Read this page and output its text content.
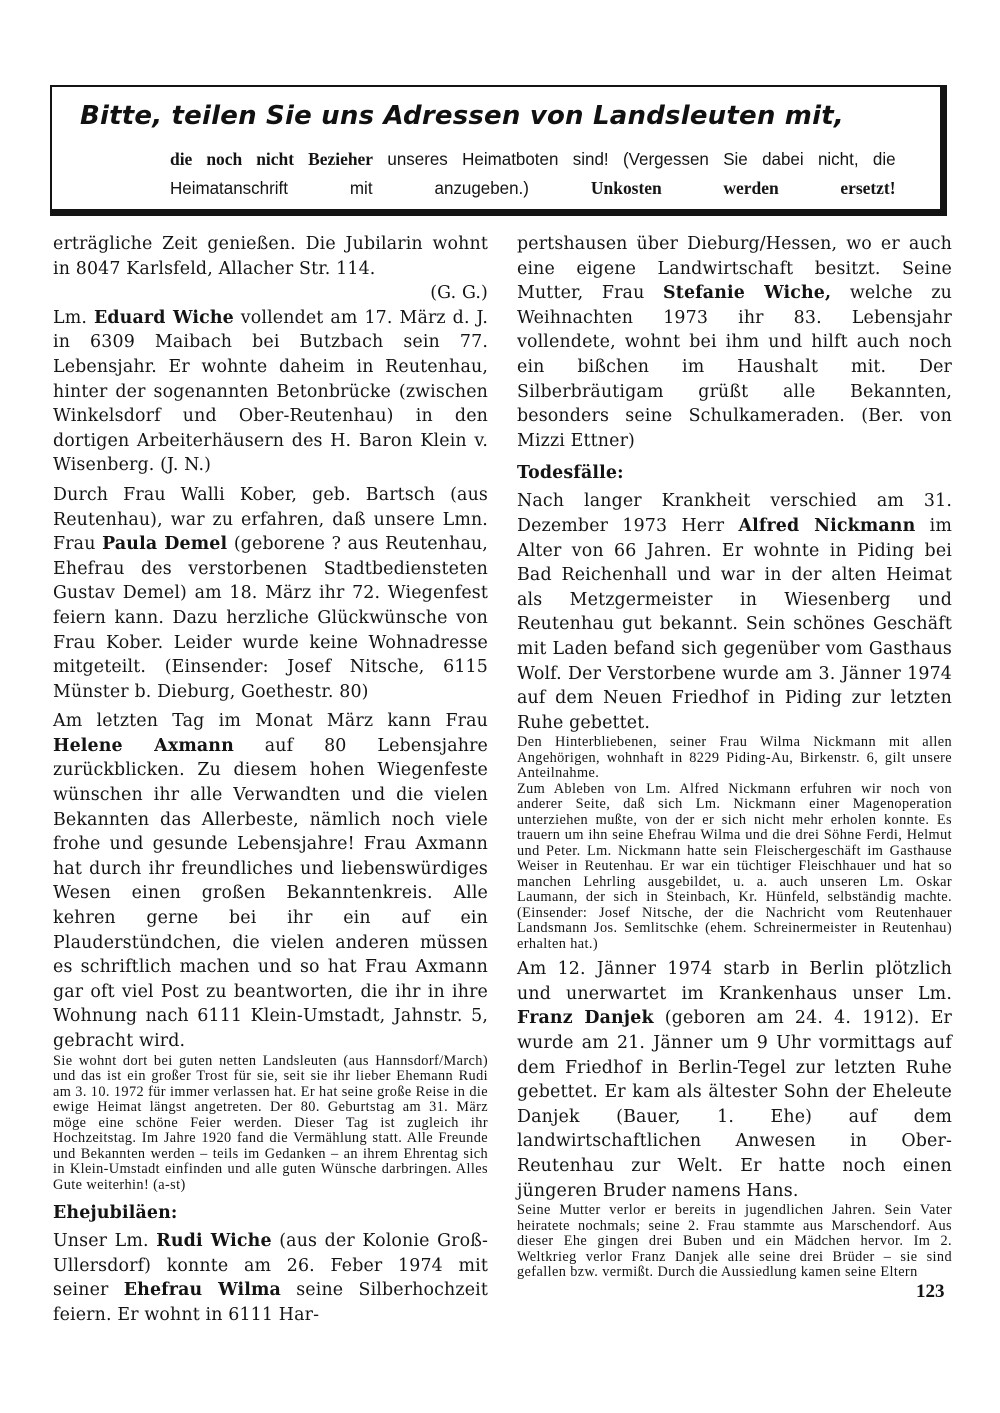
Bitte, teilen Sie uns Adressen von Landsleuten mit,
die noch nicht Bezieher unseres Heimatboten sind! (Vergessen Sie dabei nicht, die Heimatanschrift mit anzugeben.) Unkosten werden ersetzt!

erträgliche Zeit genießen. Die Jubilarin wohnt in 8047 Karlsfeld, Allacher Str. 114.

(G. G.)

Lm. Eduard Wiche vollendet am 17. März d. J. in 6309 Maibach bei Butzbach sein 77. Lebensjahr. Er wohnte daheim in Reutenhau, hinter der sogenannten Betonbrücke (zwischen Winkelsdorf und Ober-Reutenhau) in den dortigen Arbeiterhäusern des H. Baron Klein v. Wisenberg. (J. N.)

Durch Frau Walli Kober, geb. Bartsch (aus Reutenhau), war zu erfahren, daß unsere Lmn. Frau Paula Demel (geborene ? aus Reutenhau, Ehefrau des verstorbenen Stadtbediensteten Gustav Demel) am 18. März ihr 72. Wiegenfest feiern kann. Dazu herzliche Glückwünsche von Frau Kober. Leider wurde keine Wohnadresse mitgeteilt. (Einsender: Josef Nitsche, 6115 Münster b. Dieburg, Goethestr. 80)

Am letzten Tag im Monat März kann Frau Helene Axmann auf 80 Lebensjahre zurückblicken. Zu diesem hohen Wiegenfeste wünschen ihr alle Verwandten und die vielen Bekannten das Allerbeste, nämlich noch viele frohe und gesunde Lebensjahre! Frau Axmann hat durch ihr freundliches und liebenswürdiges Wesen einen großen Bekanntenkreis. Alle kehren gerne bei ihr ein auf ein Plauderstündchen, die vielen anderen müssen es schriftlich machen und so hat Frau Axmann gar oft viel Post zu beantworten, die ihr in ihre Wohnung nach 6111 Klein-Umstadt, Jahnstr. 5, gebracht wird.

Sie wohnt dort bei guten netten Landsleuten (aus Hannsdorf/March) und das ist ein großer Trost für sie, seit sie ihr lieber Ehemann Rudi am 3. 10. 1972 für immer verlassen hat. Er hat seine große Reise in die ewige Heimat längst angetreten. Der 80. Geburtstag am 31. März möge eine schöne Feier werden. Dieser Tag ist zugleich ihr Hochzeitstag. Im Jahre 1920 fand die Vermählung statt. Alle Freunde und Bekannten werden – teils im Gedanken – an ihrem Ehrentag sich in Klein-Umstadt einfinden und alle guten Wünsche darbringen. Alles Gute weiterhin! (a-st)

Ehejubiläen:

Unser Lm. Rudi Wiche (aus der Kolonie Groß-Ullersdorf) konnte am 26. Feber 1974 mit seiner Ehefrau Wilma seine Silberhochzeit feiern. Er wohnt in 6111 Har-

pertshausen über Dieburg/Hessen, wo er auch eine eigene Landwirtschaft besitzt. Seine Mutter, Frau Stefanie Wiche, welche zu Weihnachten 1973 ihr 83. Lebensjahr vollendete, wohnt bei ihm und hilft auch noch ein bißchen im Haushalt mit. Der Silberbräutigam grüßt alle Bekannten, besonders seine Schulkameraden. (Ber. von Mizzi Ettner)

Todesfälle:

Nach langer Krankheit verschied am 31. Dezember 1973 Herr Alfred Nickmann im Alter von 66 Jahren. Er wohnte in Piding bei Bad Reichenhall und war in der alten Heimat als Metzgermeister in Wiesenberg und Reutenhau gut bekannt. Sein schönes Geschäft mit Laden befand sich gegenüber vom Gasthaus Wolf. Der Verstorbene wurde am 3. Jänner 1974 auf dem Neuen Friedhof in Piding zur letzten Ruhe gebettet.

Den Hinterbliebenen, seiner Frau Wilma Nickmann mit allen Angehörigen, wohnhaft in 8229 Piding-Au, Birkenstr. 6, gilt unsere Anteilnahme.

Zum Ableben von Lm. Alfred Nickmann erfuhren wir noch von anderer Seite, daß sich Lm. Nickmann einer Magenoperation unterziehen mußte, von der er sich nicht mehr erholen konnte. Es trauern um ihn seine Ehefrau Wilma und die drei Söhne Ferdi, Helmut und Peter. Lm. Nickmann hatte sein Fleischergeschäft im Gasthause Weiser in Reutenhau. Er war ein tüchtiger Fleischhauer und hat so manchen Lehrling ausgebildet, u. a. auch unseren Lm. Oskar Laumann, der sich in Steinbach, Kr. Hünfeld, selbständig machte. (Einsender: Josef Nitsche, der die Nachricht vom Reutenhauer Landsmann Jos. Semlitschke (ehem. Schreinermeister in Reutenhau) erhalten hat.)

Am 12. Jänner 1974 starb in Berlin plötzlich und unerwartet im Krankenhaus unser Lm. Franz Danjek (geboren am 24. 4. 1912). Er wurde am 21. Jänner um 9 Uhr vormittags auf dem Friedhof in Berlin-Tegel zur letzten Ruhe gebettet. Er kam als ältester Sohn der Eheleute Danjek (Bauer, 1. Ehe) auf dem landwirtschaftlichen Anwesen in Ober-Reutenhau zur Welt. Er hatte noch einen jüngeren Bruder namens Hans.

Seine Mutter verlor er bereits in jugendlichen Jahren. Sein Vater heiratete nochmals; seine 2. Frau stammte aus Marschendorf. Aus dieser Ehe gingen drei Buben und ein Mädchen hervor. Im 2. Weltkrieg verlor Franz Danjek alle seine drei Brüder – sie sind gefallen bzw. vermißt. Durch die Aussiedlung kamen seine Eltern

123
